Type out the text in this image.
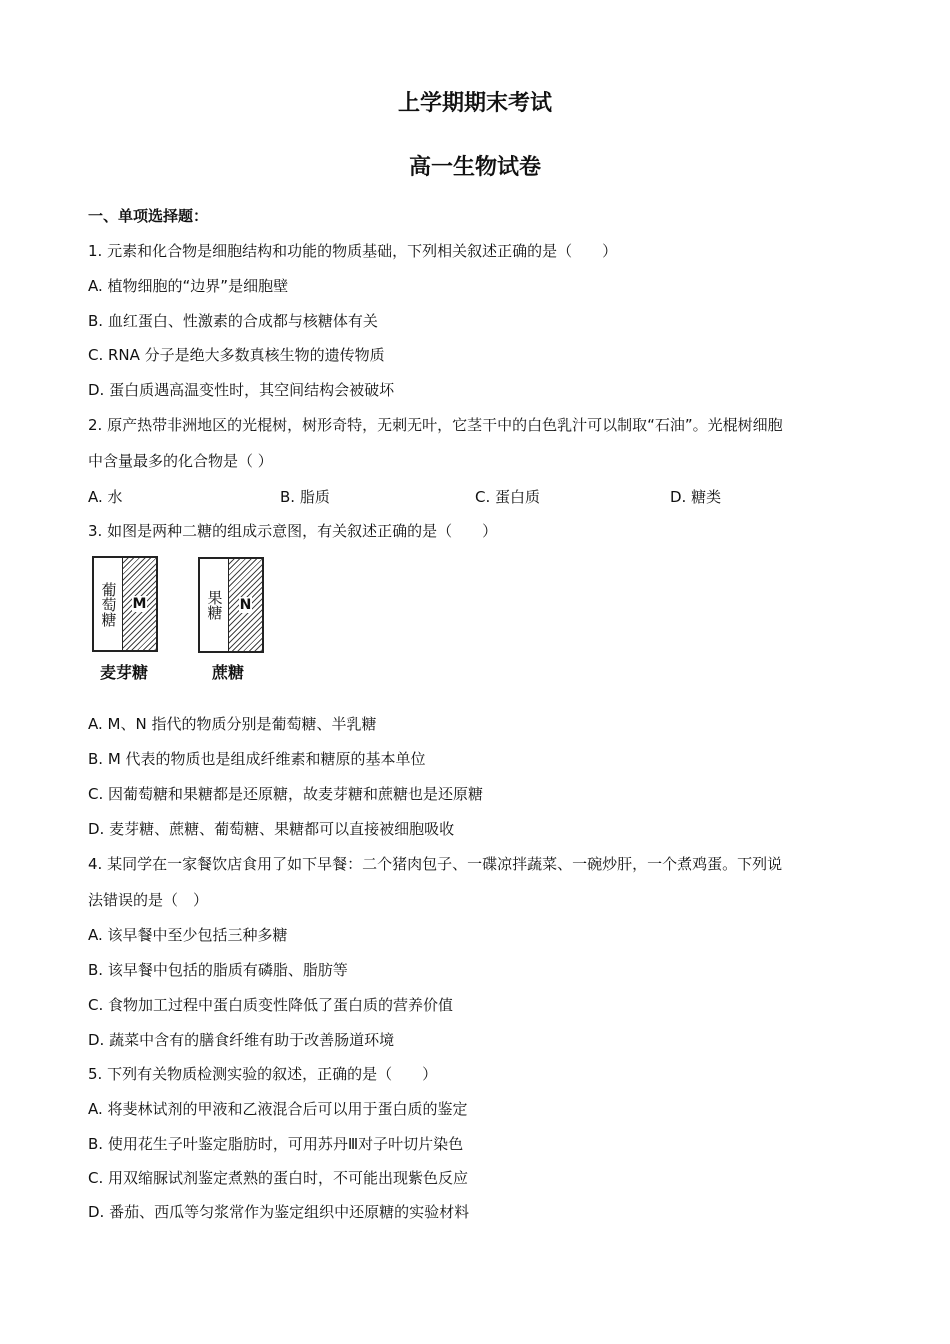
上学期期末考试
高一生物试卷
一、单项选择题：
1. 元素和化合物是细胞结构和功能的物质基础，下列相关叙述正确的是（　　）
A. 植物细胞的“边界”是细胞壁
B. 血红蛋白、性激素的合成都与核糖体有关
C. RNA 分子是绝大多数真核生物的遗传物质
D. 蛋白质遇高温变性时，其空间结构会被破坏
2. 原产热带非洲地区的光棍树，树形奇特，无刺无叶，它茎干中的白色乳汁可以制取“石油”。光棍树细胞
中含量最多的化合物是（ ）
A. 水	B. 脂质	C. 蛋白质	D. 糖类
3. 如图是两种二糖的组成示意图，有关叙述正确的是（　　）
葡萄糖	M
麦芽糖
果糖	N
蔗糖
A. M、N 指代的物质分别是葡萄糖、半乳糖
B. M 代表的物质也是组成纤维素和糖原的基本单位
C. 因葡萄糖和果糖都是还原糖，故麦芽糖和蔗糖也是还原糖
D. 麦芽糖、蔗糖、葡萄糖、果糖都可以直接被细胞吸收
4. 某同学在一家餐饮店食用了如下早餐：二个猪肉包子、一碟凉拌蔬菜、一碗炒肝，一个煮鸡蛋。下列说
法错误的是（　）
A. 该早餐中至少包括三种多糖
B. 该早餐中包括的脂质有磷脂、脂肪等
C. 食物加工过程中蛋白质变性降低了蛋白质的营养价值
D. 蔬菜中含有的膳食纤维有助于改善肠道环境
5. 下列有关物质检测实验的叙述，正确的是（　　）
A. 将斐林试剂的甲液和乙液混合后可以用于蛋白质的鉴定
B. 使用花生子叶鉴定脂肪时，可用苏丹Ⅲ对子叶切片染色
C. 用双缩脲试剂鉴定煮熟的蛋白时，不可能出现紫色反应
D. 番茄、西瓜等匀浆常作为鉴定组织中还原糖的实验材料
